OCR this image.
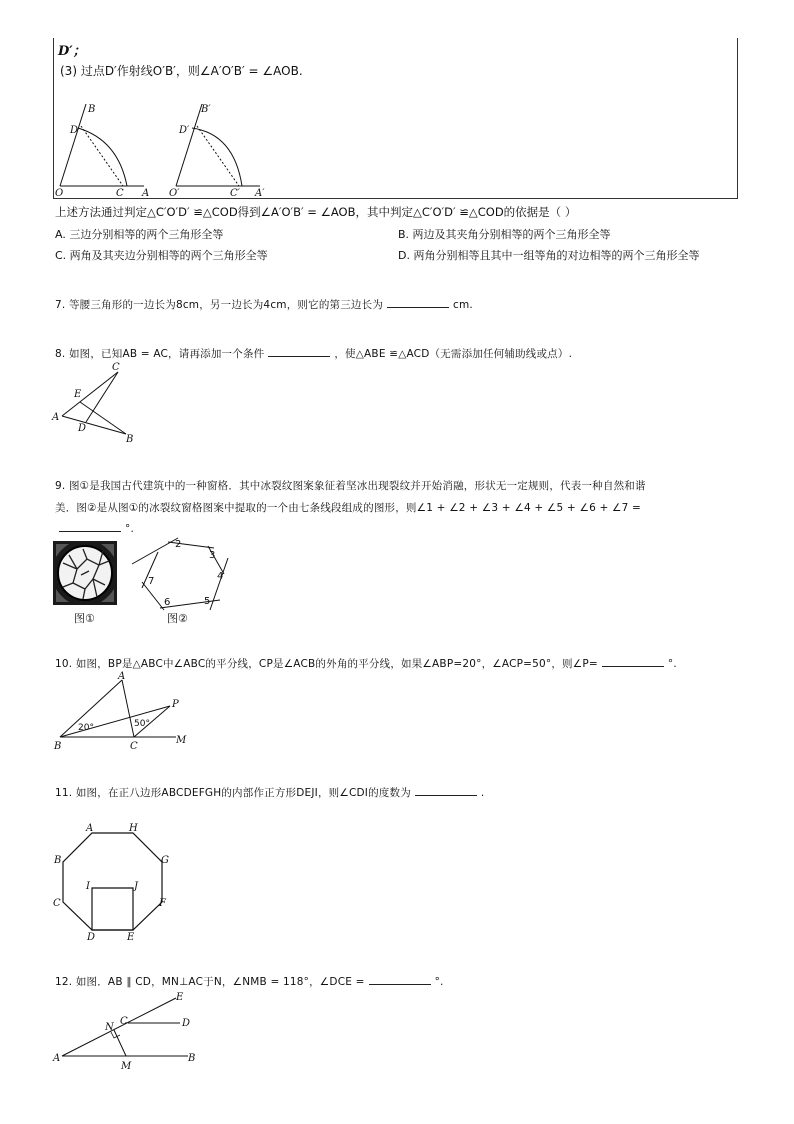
D′；
(3) 过点D′作射线O′B′，则∠A′O′B′ = ∠AOB.
B
D
O	C A
B′
D′
O′	C′ A′
上述方法通过判定△C′O′D′ ≌△COD得到∠A′O′B′ = ∠AOB，其中判定△C′O′D′ ≌△COD的依据是（ ）
A. 三边分别相等的两个三角形全等	B. 两边及其夹角分别相等的两个三角形全等
C. 两角及其夹边分别相等的两个三角形全等	D. 两角分别相等且其中一组等角的对边相等的两个三角形全等
7. 等腰三角形的一边长为8cm，另一边长为4cm，则它的第三边长为	cm.
8. 如图，已知AB = AC，请再添加一个条件	，使△ABE ≌△ACD（无需添加任何辅助线或点）.
C
E
A
D
B
9. 图①是我国古代建筑中的一种窗格．其中冰裂纹图案象征着坚冰出现裂纹并开始消融，形状无一定规则，代表一种自然和谐
美．图②是从图①的冰裂纹窗格图案中提取的一个由七条线段组成的图形，则∠1 + ∠2 + ∠3 + ∠4 + ∠5 + ∠6 + ∠7 =
°.
图①
2
3
4
5
6
7
图②
10. 如图，BP是△ABC中∠ABC的平分线，CP是∠ACB的外角的平分线，如果∠ABP=20°，∠ACP=50°，则∠P=	°.
A
P
B	C
M
20°	50°
11. 如图，在正八边形ABCDEFGH的内部作正方形DEJI，则∠CDI的度数为	.
A	H
B	G
C	F
D	E
I	J
12. 如图．AB ∥ CD，MN⊥AC于N，∠NMB = 118°，∠DCE =	°.
E
C	D
N
A	B
M
